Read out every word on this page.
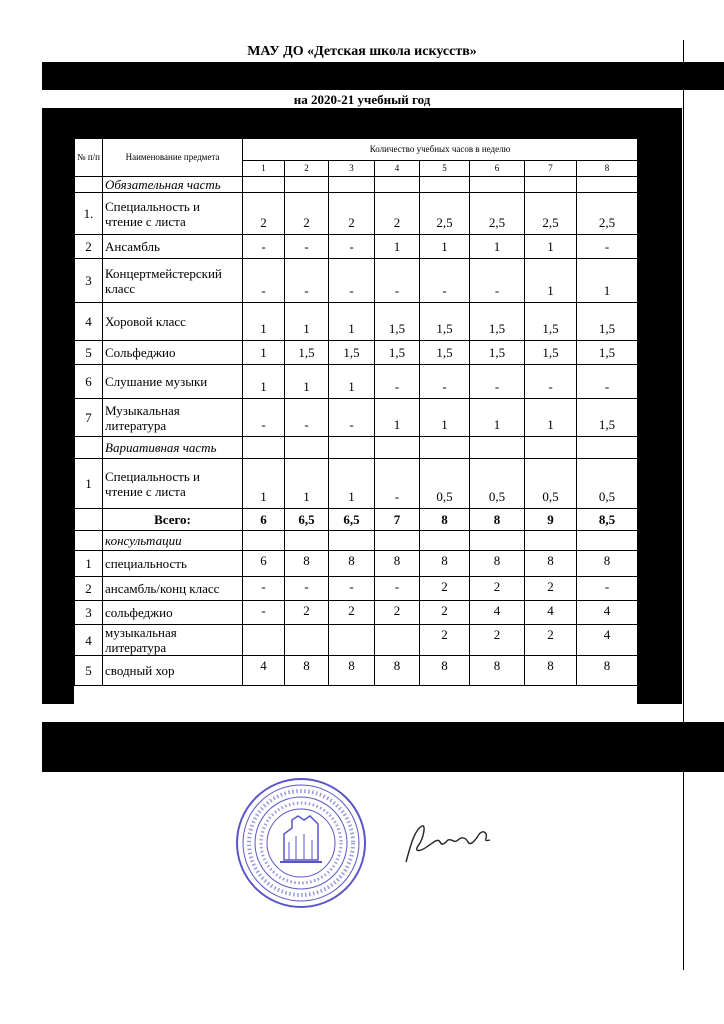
МАУ ДО «Детская школа искусств»
на 2020-21 учебный год
№ п/п	Наименование предмета	Количество учебных часов в неделю							
		1	2	3	4	5	6	7	8
	Обязательная часть								
1.	Специальность и чтение с листа	2	2	2	2	2,5	2,5	2,5	2,5
2	Ансамбль	-	-	-	1	1	1	1	-
3	Концертмейстерский класс	-	-	-	-	-	-	1	1
4	Хоровой класс	1	1	1	1,5	1,5	1,5	1,5	1,5
5	Сольфеджио	1	1,5	1,5	1,5	1,5	1,5	1,5	1,5
6	Слушание музыки	1	1	1	-	-	-	-	-
7	Музыкальная литература	-	-	-	1	1	1	1	1,5
	Вариативная часть								
1	Специальность и чтение с листа	1	1	1	-	0,5	0,5	0,5	0,5
	Всего:	6	6,5	6,5	7	8	8	9	8,5
	консультации								
1	специальность	6	8	8	8	8	8	8	8
2	ансамбль/конц класс	-	-	-	-	2	2	2	-
3	сольфеджио	-	2	2	2	2	4	4	4
4	музыкальная литература					2	2	2	4
5	сводный хор	4	8	8	8	8	8	8	8
